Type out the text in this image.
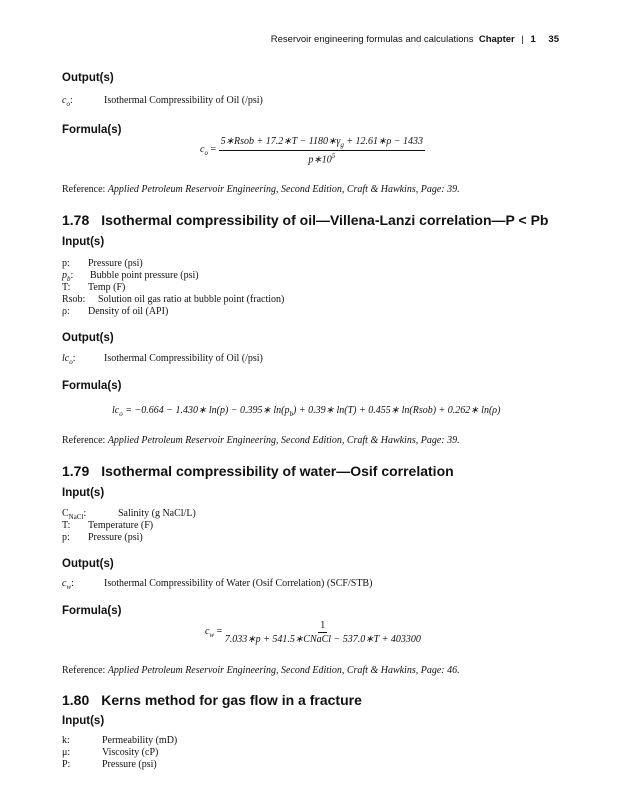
Reservoir engineering formulas and calculations Chapter | 1 35
Output(s)
$c_o$:	Isothermal Compressibility of Oil (/psi)
Formula(s)
$c_o = \frac{5∗Rsob + 17.2∗T - 1180∗\gamma_g + 12.61∗\rho - 1433}{p∗10^5}$
Reference: Applied Petroleum Reservoir Engineering, Second Edition, Craft & Hawkins, Page: 39.
1.78 Isothermal compressibility of oil—Villena-Lanzi correlation—P < Pb
Input(s)
p: Pressure (psi)
$p_b$: Bubble point pressure (psi)
T: Temp (F)
Rsob: Solution oil gas ratio at bubble point (fraction)
ρ: Density of oil (API)
Output(s)
$lc_o$:	Isothermal Compressibility of Oil (/psi)
Formula(s)
$lc_o = -0.664$ − 1.430∗ ln(p) − 0.395∗ $\ln(p_b)$ + 0.39∗ ln(T) + 0.455∗ ln(Rsob) + 0.262∗ ln(ρ)
Reference: Applied Petroleum Reservoir Engineering, Second Edition, Craft & Hawkins, Page: 39.
1.79 Isothermal compressibility of water—Osif correlation
Input(s)
$C_{NaCl}$:	Salinity (g NaCl/L)
T: Temperature (F)
p: Pressure (psi)
Output(s)
$c_w$:	Isothermal Compressibility of Water (Osif Correlation) (SCF/STB)
Formula(s)
$c_w = \frac{1}{\text{7.033∗p + 541.5∗CNaCl − 537.0∗T + 403300}}$
Reference: Applied Petroleum Reservoir Engineering, Second Edition, Craft & Hawkins, Page: 46.
1.80 Kerns method for gas flow in a fracture
Input(s)
k:	Permeability (mD)
μ:	Viscosity (cP)
P:	Pressure (psi)
